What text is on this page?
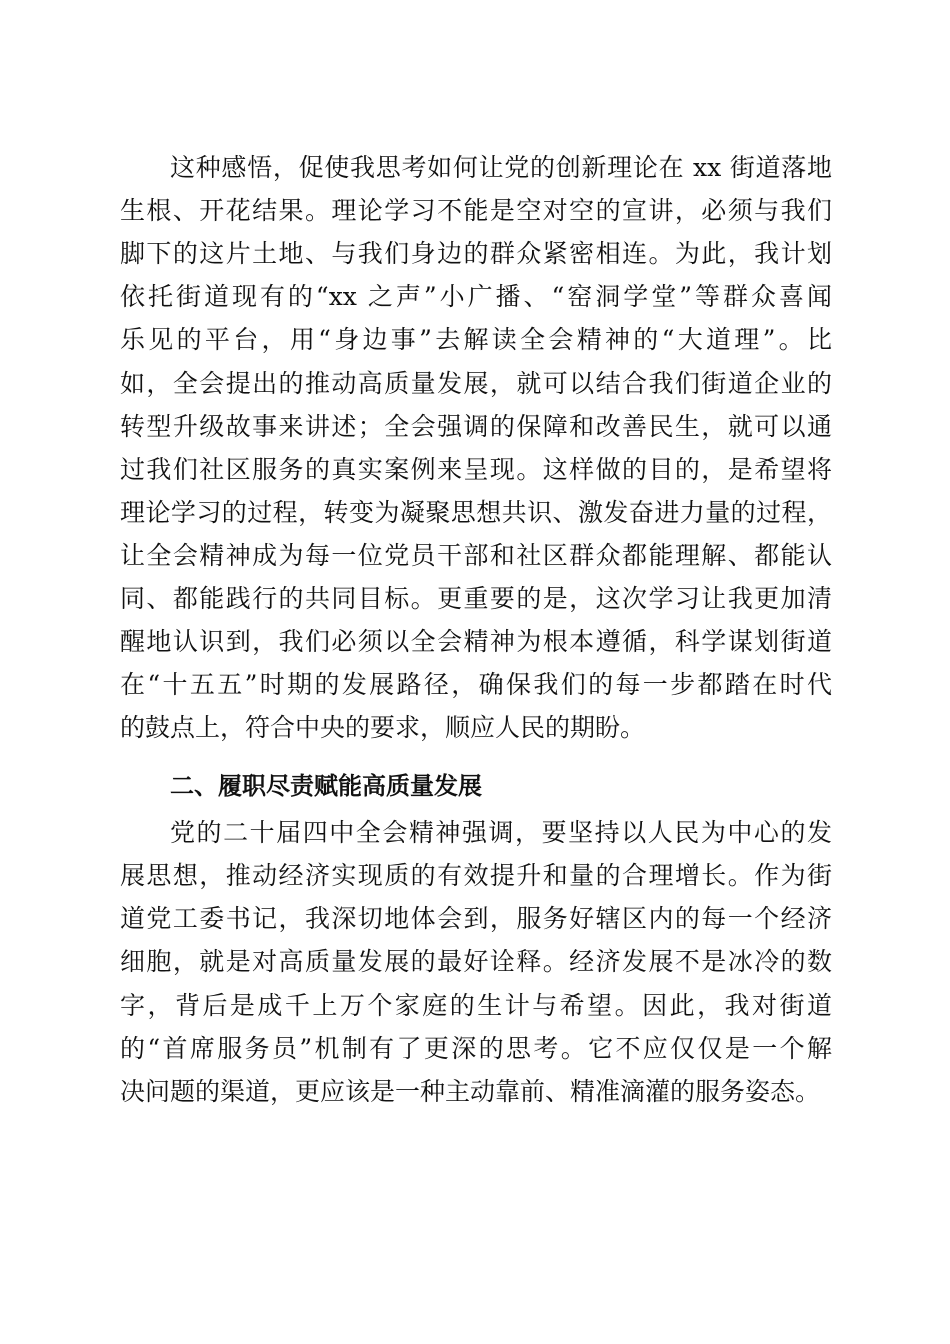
这种感悟，促使我思考如何让党的创新理论在 xx 街道落地
生根、开花结果。理论学习不能是空对空的宣讲，必须与我们
脚下的这片土地、与我们身边的群众紧密相连。为此，我计划
依托街道现有的“xx 之声”小广播、“窑洞学堂”等群众喜闻
乐见的平台，用“身边事”去解读全会精神的“大道理”。比
如，全会提出的推动高质量发展，就可以结合我们街道企业的
转型升级故事来讲述；全会强调的保障和改善民生，就可以通
过我们社区服务的真实案例来呈现。这样做的目的，是希望将
理论学习的过程，转变为凝聚思想共识、激发奋进力量的过程，
让全会精神成为每一位党员干部和社区群众都能理解、都能认
同、都能践行的共同目标。更重要的是，这次学习让我更加清
醒地认识到，我们必须以全会精神为根本遵循，科学谋划街道
在“十五五”时期的发展路径，确保我们的每一步都踏在时代
的鼓点上，符合中央的要求，顺应人民的期盼。
二、履职尽责赋能高质量发展
党的二十届四中全会精神强调，要坚持以人民为中心的发
展思想，推动经济实现质的有效提升和量的合理增长。作为街
道党工委书记，我深切地体会到，服务好辖区内的每一个经济
细胞，就是对高质量发展的最好诠释。经济发展不是冰冷的数
字，背后是成千上万个家庭的生计与希望。因此，我对街道
的“首席服务员”机制有了更深的思考。它不应仅仅是一个解
决问题的渠道，更应该是一种主动靠前、精准滴灌的服务姿态。
